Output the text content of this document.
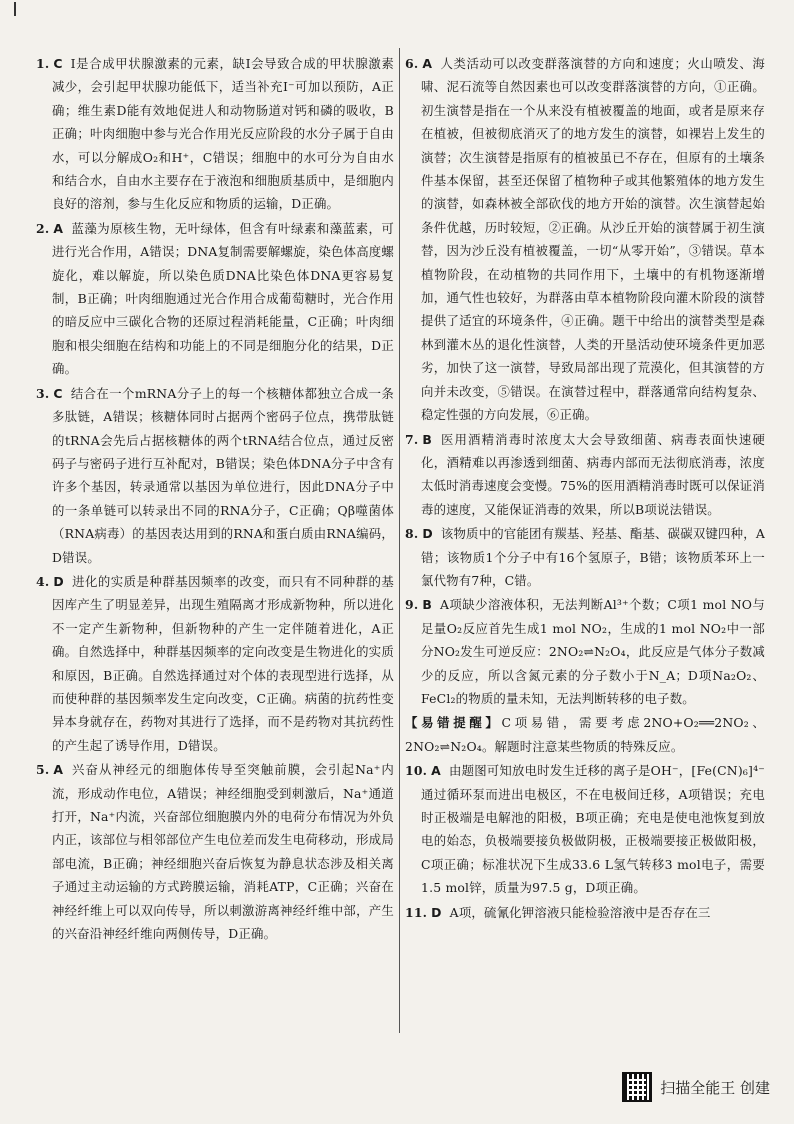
1. C I是合成甲状腺激素的元素，缺I会导致合成的甲状腺激素减少，会引起甲状腺功能低下，适当补充I⁻可加以预防，A正确；维生素D能有效地促进人和动物肠道对钙和磷的吸收，B正确；叶肉细胞中参与光合作用光反应阶段的水分子属于自由水，可以分解成O₂和H⁺，C错误；细胞中的水可分为自由水和结合水，自由水主要存在于液泡和细胞质基质中，是细胞内良好的溶剂，参与生化反应和物质的运输，D正确。

2. A 蓝藻为原核生物，无叶绿体，但含有叶绿素和藻蓝素，可进行光合作用，A错误；DNA复制需要解螺旋，染色体高度螺旋化，难以解旋，所以染色质DNA比染色体DNA更容易复制，B正确；叶肉细胞通过光合作用合成葡萄糖时，光合作用的暗反应中三碳化合物的还原过程消耗能量，C正确；叶肉细胞和根尖细胞在结构和功能上的不同是细胞分化的结果，D正确。

3. C 结合在一个mRNA分子上的每一个核糖体都独立合成一条多肽链，A错误；核糖体同时占据两个密码子位点，携带肽链的tRNA会先后占据核糖体的两个tRNA结合位点，通过反密码子与密码子进行互补配对，B错误；染色体DNA分子中含有许多个基因，转录通常以基因为单位进行，因此DNA分子中的一条单链可以转录出不同的RNA分子，C正确；Qβ噬菌体（RNA病毒）的基因表达用到的RNA和蛋白质由RNA编码，D错误。

4. D 进化的实质是种群基因频率的改变，而只有不同种群的基因库产生了明显差异，出现生殖隔离才形成新物种，所以进化不一定产生新物种，但新物种的产生一定伴随着进化，A正确。自然选择中，种群基因频率的定向改变是生物进化的实质和原因，B正确。自然选择通过对个体的表现型进行选择，从而使种群的基因频率发生定向改变，C正确。病菌的抗药性变异本身就存在，药物对其进行了选择，而不是药物对其抗药性的产生起了诱导作用，D错误。

5. A 兴奋从神经元的细胞体传导至突触前膜，会引起Na⁺内流，形成动作电位，A错误；神经细胞受到刺激后，Na⁺通道打开，Na⁺内流，兴奋部位细胞膜内外的电荷分布情况为外负内正，该部位与相邻部位产生电位差而发生电荷移动，形成局部电流，B正确；神经细胞兴奋后恢复为静息状态涉及相关离子通过主动运输的方式跨膜运输，消耗ATP，C正确；兴奋在神经纤维上可以双向传导，所以刺激游离神经纤维中部，产生的兴奋沿神经纤维向两侧传导，D正确。

6. A 人类活动可以改变群落演替的方向和速度；火山喷发、海啸、泥石流等自然因素也可以改变群落演替的方向，①正确。初生演替是指在一个从来没有植被覆盖的地面，或者是原来存在植被，但被彻底消灭了的地方发生的演替，如裸岩上发生的演替；次生演替是指原有的植被虽已不存在，但原有的土壤条件基本保留，甚至还保留了植物种子或其他繁殖体的地方发生的演替，如森林被全部砍伐的地方开始的演替。次生演替起始条件优越，历时较短，②正确。从沙丘开始的演替属于初生演替，因为沙丘没有植被覆盖，一切“从零开始”，③错误。草本植物阶段，在动植物的共同作用下，土壤中的有机物逐渐增加，通气性也较好，为群落由草本植物阶段向灌木阶段的演替提供了适宜的环境条件，④正确。题干中给出的演替类型是森林到灌木丛的退化性演替，人类的开垦活动使环境条件更加恶劣，加快了这一演替，导致局部出现了荒漠化，但其演替的方向并未改变，⑤错误。在演替过程中，群落通常向结构复杂、稳定性强的方向发展，⑥正确。

7. B 医用酒精消毒时浓度太大会导致细菌、病毒表面快速硬化，酒精难以再渗透到细菌、病毒内部而无法彻底消毒，浓度太低时消毒速度会变慢。75%的医用酒精消毒时既可以保证消毒的速度，又能保证消毒的效果，所以B项说法错误。

8. D 该物质中的官能团有羰基、羟基、酯基、碳碳双键四种，A错；该物质1个分子中有16个氢原子，B错；该物质苯环上一氯代物有7种，C错。

9. B A项缺少溶液体积，无法判断Al³⁺个数；C项1 mol NO与足量O₂反应首先生成1 mol NO₂，生成的1 mol NO₂中一部分NO₂发生可逆反应：2NO₂⇌N₂O₄，此反应是气体分子数减少的反应，所以含氮元素的分子数小于N_A；D项Na₂O₂、FeCl₂的物质的量未知，无法判断转移的电子数。

【易错提醒】C项易错，需要考虑2NO+O₂══2NO₂、2NO₂⇌N₂O₄。解题时注意某些物质的特殊反应。

10. A 由题图可知放电时发生迁移的离子是OH⁻，[Fe(CN)₆]⁴⁻通过循环泵而进出电极区，不在电极间迁移，A项错误；充电时正极端是电解池的阳极，B项正确；充电是使电池恢复到放电的始态，负极端要接负极做阴极，正极端要接正极做阳极，C项正确；标准状况下生成33.6 L氢气转移3 mol电子，需要1.5 mol锌，质量为97.5 g，D项正确。

11. D A项，硫氰化钾溶液只能检验溶液中是否存在三

扫描全能王 创建
